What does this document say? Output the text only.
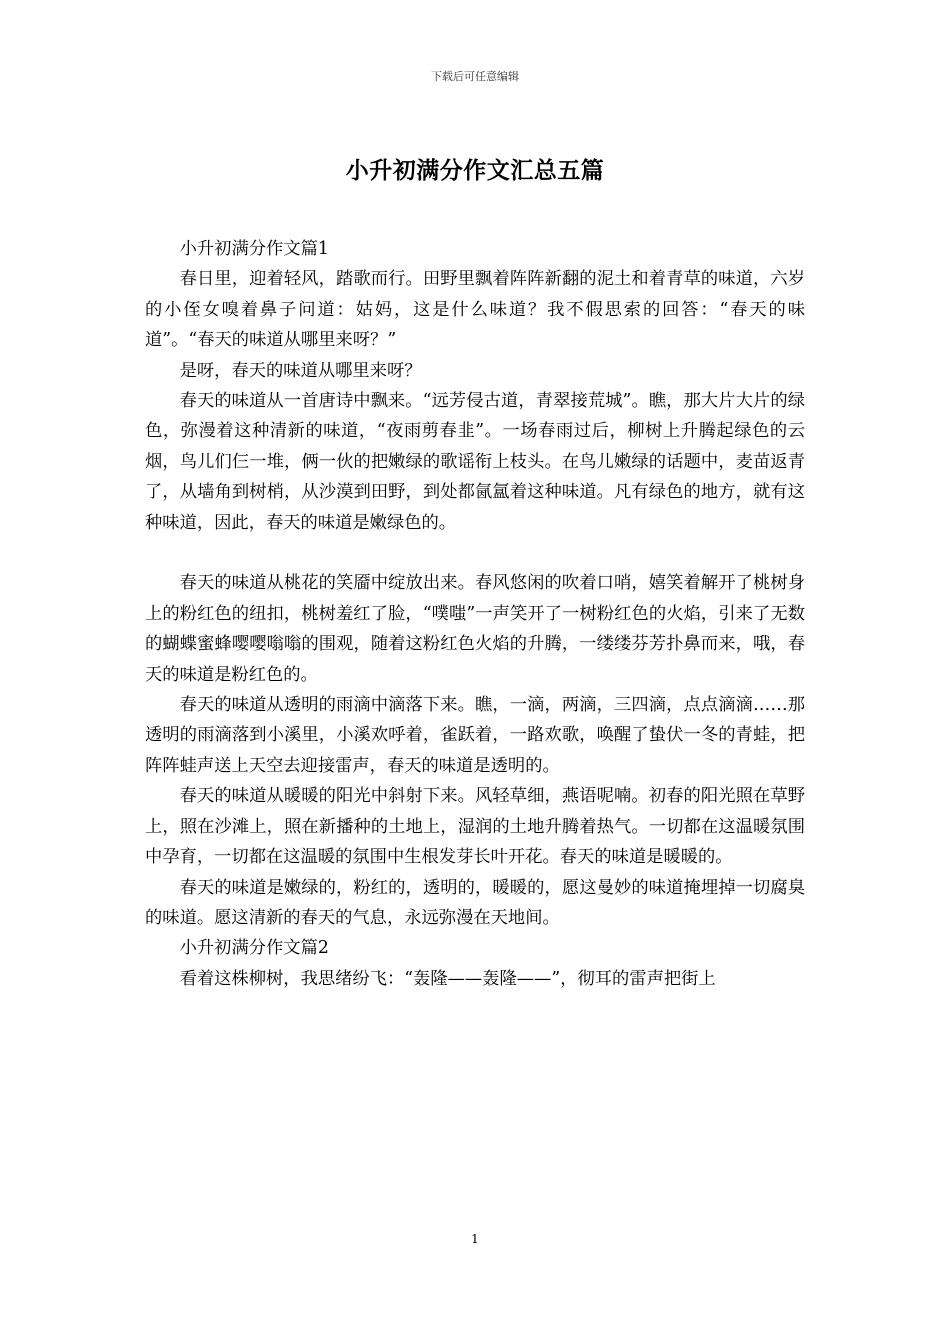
下载后可任意编辑
小升初满分作文汇总五篇

小升初满分作文篇1

春日里，迎着轻风，踏歌而行。田野里飘着阵阵新翻的泥土和着青草的味道，六岁的小侄女嗅着鼻子问道：姑妈，这是什么味道？我不假思索的回答：“春天的味道”。“春天的味道从哪里来呀？”

是呀，春天的味道从哪里来呀？

春天的味道从一首唐诗中飘来。“远芳侵古道，青翠接荒城”。瞧，那大片大片的绿色，弥漫着这种清新的味道，“夜雨剪春韭”。一场春雨过后，柳树上升腾起绿色的云烟，鸟儿们仨一堆，俩一伙的把嫩绿的歌谣衔上枝头。在鸟儿嫩绿的话题中，麦苗返青了，从墙角到树梢，从沙漠到田野，到处都氤氲着这种味道。凡有绿色的地方，就有这种味道，因此，春天的味道是嫩绿色的。

春天的味道从桃花的笑靥中绽放出来。春风悠闲的吹着口哨，嬉笑着解开了桃树身上的粉红色的纽扣，桃树羞红了脸，“噗嗤”一声笑开了一树粉红色的火焰，引来了无数的蝴蝶蜜蜂嘤嘤嗡嗡的围观，随着这粉红色火焰的升腾，一缕缕芬芳扑鼻而来，哦，春天的味道是粉红色的。

春天的味道从透明的雨滴中滴落下来。瞧，一滴，两滴，三四滴，点点滴滴……那透明的雨滴落到小溪里，小溪欢呼着，雀跃着，一路欢歌，唤醒了蛰伏一冬的青蛙，把阵阵蛙声送上天空去迎接雷声，春天的味道是透明的。

春天的味道从暖暖的阳光中斜射下来。风轻草细，燕语呢喃。初春的阳光照在草野上，照在沙滩上，照在新播种的土地上，湿润的土地升腾着热气。一切都在这温暖氛围中孕育，一切都在这温暖的氛围中生根发芽长叶开花。春天的味道是暖暖的。

春天的味道是嫩绿的，粉红的，透明的，暖暖的，愿这曼妙的味道掩埋掉一切腐臭的味道。愿这清新的春天的气息，永远弥漫在天地间。

小升初满分作文篇2

看着这株柳树，我思绪纷飞：“轰隆——轰隆——”，彻耳的雷声把街上

1
